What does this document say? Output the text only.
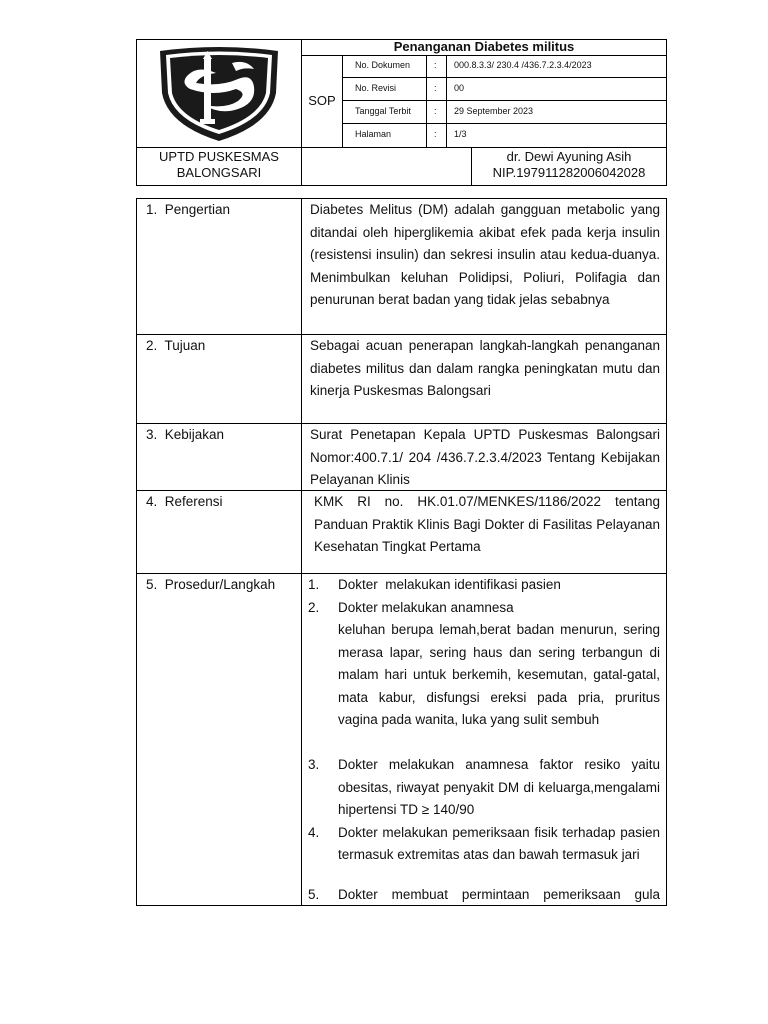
Penanganan Diabetes militus
SOP
No. Dokumen	:	000.8.3.3/ 230.4 /436.7.2.3.4/2023
No. Revisi	:	00
Tanggal Terbit	:	29 September 2023
Halaman	:	1/3
UPTD PUSKESMAS
BALONGSARI
dr. Dewi Ayuning Asih
NIP.197911282006042028
1.  Pengertian	Diabetes Melitus (DM) adalah gangguan metabolic yang ditandai oleh hiperglikemia akibat efek pada kerja insulin (resistensi insulin) dan sekresi insulin atau kedua-duanya. Menimbulkan keluhan Polidipsi, Poliuri, Polifagia dan penurunan berat badan yang tidak jelas sebabnya
2.  Tujuan	Sebagai acuan penerapan langkah-langkah penanganan diabetes militus dan dalam rangka peningkatan mutu dan kinerja Puskesmas Balongsari
3.  Kebijakan	Surat Penetapan Kepala UPTD Puskesmas Balongsari Nomor:400.7.1/ 204 /436.7.2.3.4/2023 Tentang Kebijakan Pelayanan Klinis
4.  Referensi	KMK RI no. HK.01.07/MENKES/1186/2022 tentang Panduan Praktik Klinis Bagi Dokter di Fasilitas Pelayanan Kesehatan Tingkat Pertama
5.  Prosedur/Langkah	1.	Dokter  melakukan identifikasi pasien
2.	Dokter melakukan anamnesa
keluhan berupa lemah,berat badan menurun, sering merasa lapar, sering haus dan sering terbangun di malam hari untuk berkemih, kesemutan, gatal-gatal, mata kabur, disfungsi ereksi pada pria, pruritus vagina pada wanita, luka yang sulit sembuh
3.	Dokter melakukan anamnesa faktor resiko yaitu obesitas, riwayat penyakit DM di keluarga,mengalami hipertensi TD ≥ 140/90
4.	Dokter melakukan pemeriksaan fisik terhadap pasien termasuk extremitas atas dan bawah termasuk jari
5.	Dokter membuat permintaan pemeriksaan gula
